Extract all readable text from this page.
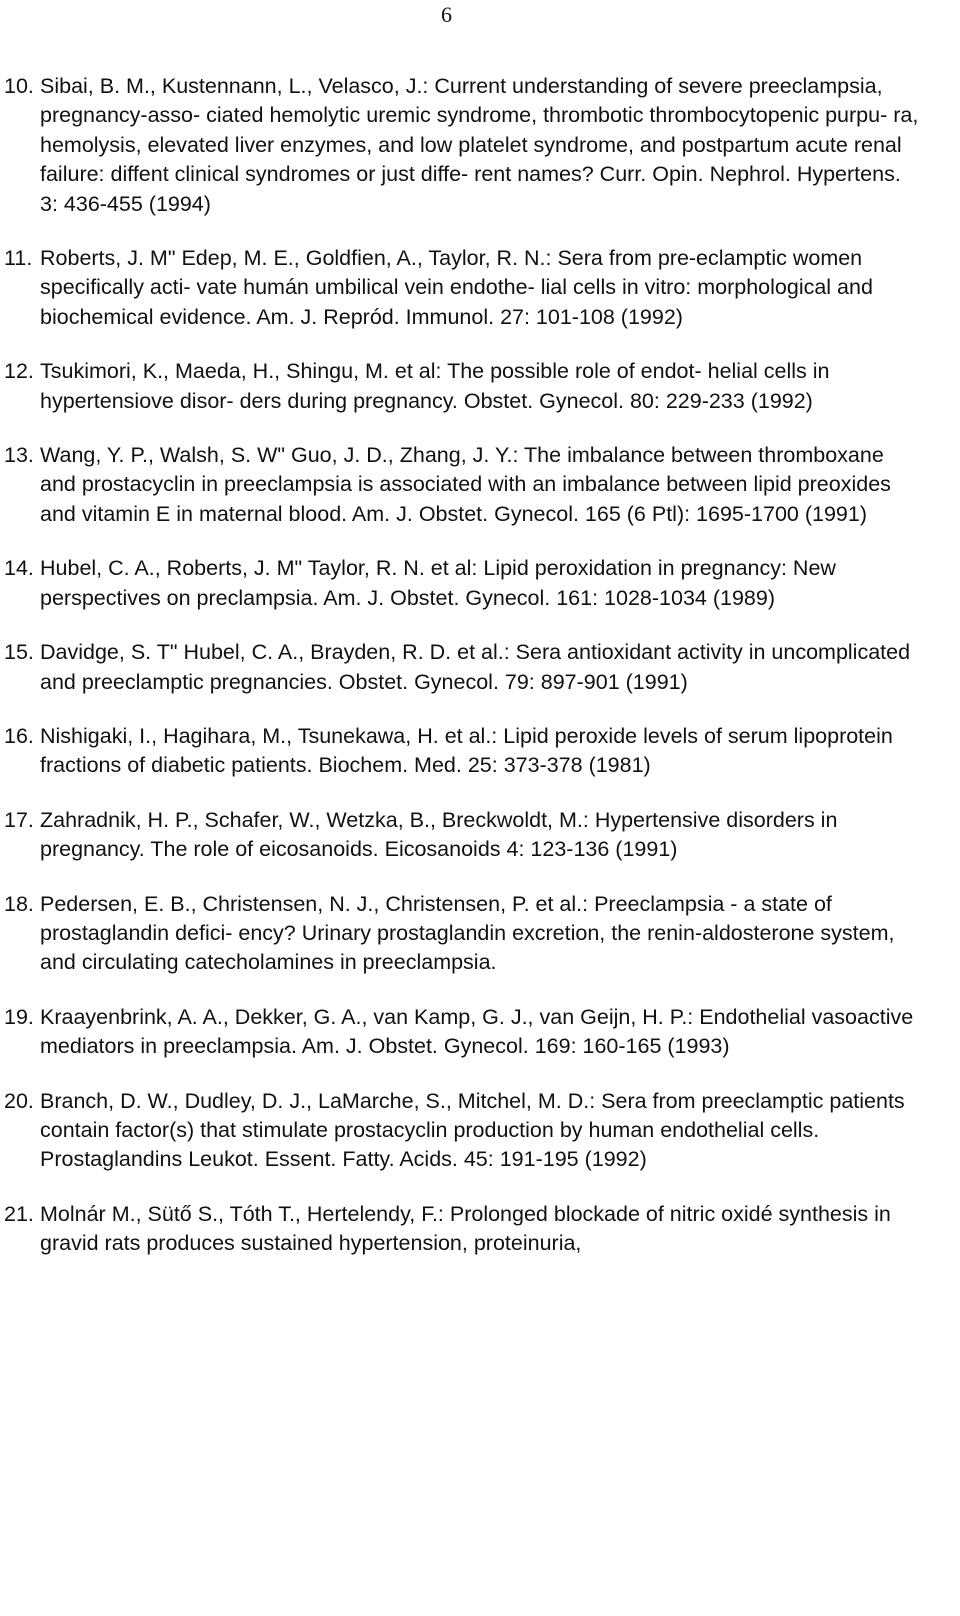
6
10. Sibai, B. M., Kustennann, L., Velasco, J.: Current understanding of severe preeclampsia, pregnancy-asso- ciated hemolytic uremic syndrome, thrombotic thrombocytopenic purpu- ra, hemolysis, elevated liver enzymes, and low platelet syndrome, and postpartum acute renal failure: diffent clinical syndromes or just diffe- rent names? Curr. Opin. Nephrol. Hypertens. 3: 436-455 (1994)
11. Roberts, J. M" Edep, M. E., Goldfien, A., Taylor, R. N.: Sera from pre-eclamptic women specifically acti- vate humán umbilical vein endothe- lial cells in vitro: morphological and biochemical evidence. Am. J. Repród. Immunol. 27: 101-108 (1992)
12. Tsukimori, K., Maeda, H., Shingu, M. et al: The possible role of endot- helial cells in hypertensiove disor- ders during pregnancy. Obstet. Gynecol. 80: 229-233 (1992)
13. Wang, Y. P., Walsh, S. W" Guo, J. D., Zhang, J. Y.: The imbalance between thromboxane and prostacyclin in preeclampsia is associated with an imbalance between lipid preoxides and vitamin E in maternal blood. Am. J. Obstet. Gynecol. 165 (6 Ptl): 1695-1700 (1991)
14. Hubel, C. A., Roberts, J. M" Taylor, R. N. et al: Lipid peroxidation in pregnancy: New perspectives on preclampsia. Am. J. Obstet. Gynecol. 161: 1028-1034 (1989)
15. Davidge, S. T" Hubel, C. A., Brayden, R. D. et al.: Sera antioxidant activity in uncomplicated and preeclamptic pregnancies. Obstet. Gynecol. 79: 897-901 (1991)
16. Nishigaki, I., Hagihara, M., Tsunekawa, H. et al.: Lipid peroxide levels of serum lipoprotein fractions of diabetic patients. Biochem. Med. 25: 373-378 (1981)
17. Zahradnik, H. P., Schafer, W., Wetzka, B., Breckwoldt, M.: Hypertensive disorders in pregnancy. The role of eicosanoids. Eicosanoids 4: 123-136 (1991)
18. Pedersen, E. B., Christensen, N. J., Christensen, P. et al.: Preeclampsia - a state of prostaglandin defici- ency? Urinary prostaglandin excretion, the renin-aldosterone system, and circulating catecholamines in preeclampsia.
19. Kraayenbrink, A. A., Dekker, G. A., van Kamp, G. J., van Geijn, H. P.: Endothelial vasoactive mediators in preeclampsia. Am. J. Obstet. Gynecol. 169: 160-165 (1993)
20. Branch, D. W., Dudley, D. J., LaMarche, S., Mitchel, M. D.: Sera from preeclamptic patients contain factor(s) that stimulate prostacyclin production by human endothelial cells. Prostaglandins Leukot. Essent. Fatty. Acids. 45: 191-195 (1992)
21. Molnár M., Sütő S., Tóth T., Hertelendy, F.: Prolonged blockade of nitric oxidé synthesis in gravid rats produces sustained hypertension, proteinuria,
